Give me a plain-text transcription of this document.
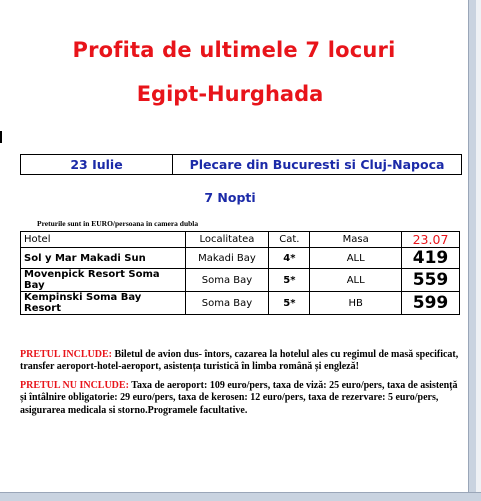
Profita de ultimele 7 locuri
Egipt-Hurghada
23 Iulie	Plecare din Bucuresti si Cluj-Napoca
7 Nopti
Preturile sunt in EURO/persoana in camera dubla
Hotel	Localitatea	Cat.	Masa	23.07
Sol y Mar Makadi Sun	Makadi Bay	4*	ALL	419
Movenpick Resort Soma Bay	Soma Bay	5*	ALL	559
Kempinski Soma Bay Resort	Soma Bay	5*	HB	599
PRETUL INCLUDE: Biletul de avion dus- întors, cazarea la hotelul ales cu regimul de masă specificat, transfer aeroport-hotel-aeroport, asistența turistică în limba română și engleză!
PRETUL NU INCLUDE: Taxa de aeroport: 109 euro/pers, taxa de viză: 25 euro/pers, taxa de asistență și întâlnire obligatorie: 29 euro/pers, taxa de kerosen: 12 euro/pers, taxa de rezervare: 5 euro/pers, asigurarea medicala si storno.Programele facultative.
